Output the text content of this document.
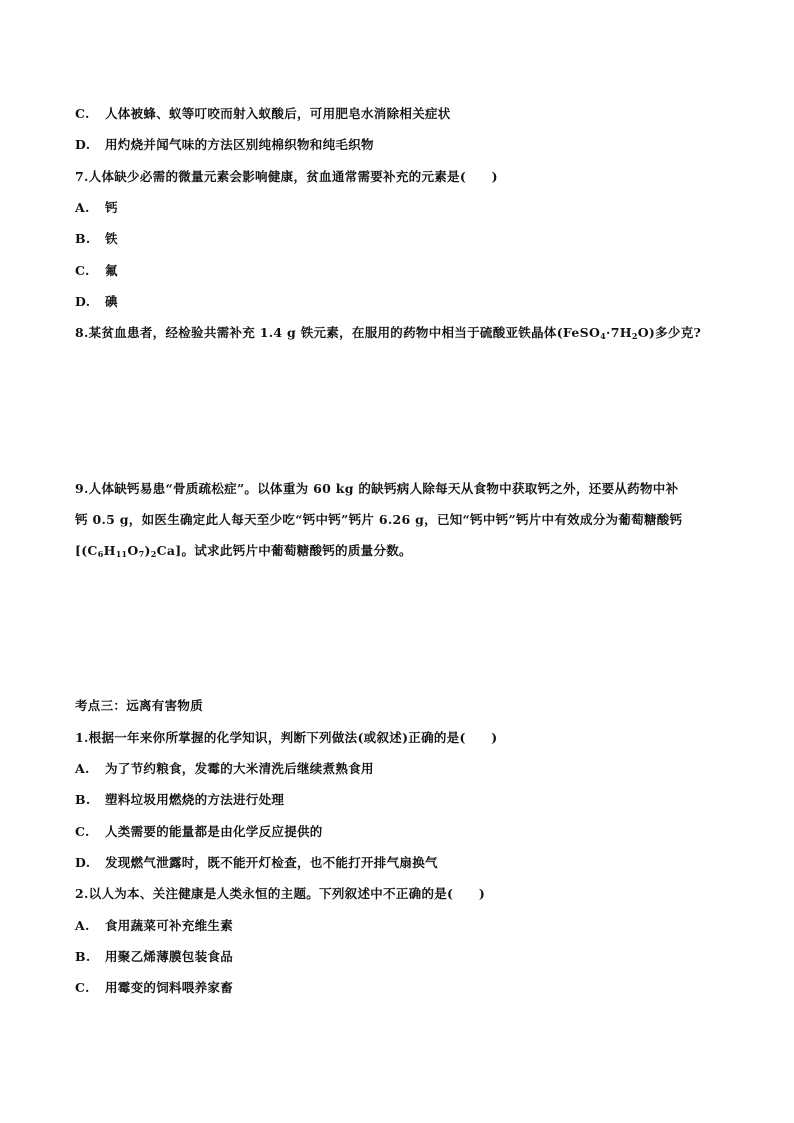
C. 人体被蜂、蚁等叮咬而射入蚁酸后，可用肥皂水消除相关症状
D. 用灼烧并闻气味的方法区别纯棉织物和纯毛织物
7.人体缺少必需的微量元素会影响健康，贫血通常需要补充的元素是(　　)
A. 钙
B. 铁
C. 氟
D. 碘
8.某贫血患者，经检验共需补充 1.4 g 铁元素，在服用的药物中相当于硫酸亚铁晶体$(FeSO_4\cdot 7H_2O)$多少克?
9.人体缺钙易患“骨质疏松症”。以体重为 60 kg 的缺钙病人除每天从食物中获取钙之外，还要从药物中补
钙 0.5 g，如医生确定此人每天至少吃“钙中钙”钙片 6.26 g，已知“钙中钙”钙片中有效成分为葡萄糖酸钙
$[(C_6H_{11}O_7)_2Ca]$。试求此钙片中葡萄糖酸钙的质量分数。
考点三：远离有害物质
1.根据一年来你所掌握的化学知识，判断下列做法(或叙述)正确的是(　　)
A. 为了节约粮食，发霉的大米清洗后继续煮熟食用
B. 塑料垃圾用燃烧的方法进行处理
C. 人类需要的能量都是由化学反应提供的
D. 发现燃气泄露时，既不能开灯检查，也不能打开排气扇换气
2.以人为本、关注健康是人类永恒的主题。下列叙述中不正确的是(　　)
A. 食用蔬菜可补充维生素
B. 用聚乙烯薄膜包装食品
C. 用霉变的饲料喂养家畜
